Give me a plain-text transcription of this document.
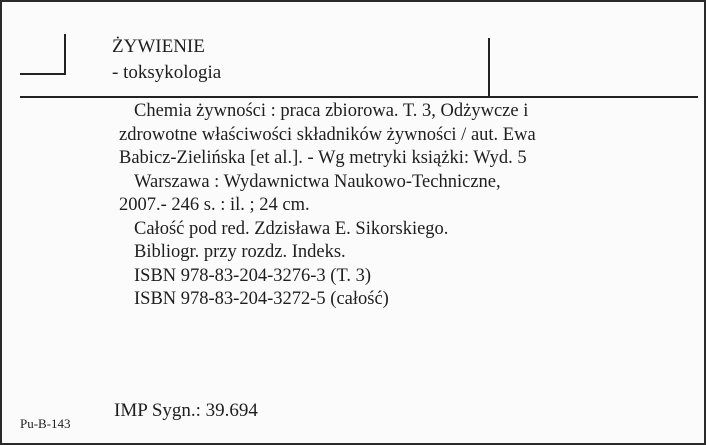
ŻYWIENIE
- toksykologia

Chemia żywności : praca zbiorowa. T. 3, Odżywcze i

zdrowotne właściwości składników żywności / aut. Ewa

Babicz-Zielińska [et al.]. - Wg metryki książki: Wyd. 5

Warszawa : Wydawnictwa Naukowo-Techniczne,

2007.- 246 s. : il. ; 24 cm.

Całość pod red. Zdzisława E. Sikorskiego.

Bibliogr. przy rozdz. Indeks.

ISBN 978-83-204-3276-3 (T. 3)

ISBN 978-83-204-3272-5 (całość)

Pu-B-143
IMP Sygn.: 39.694
